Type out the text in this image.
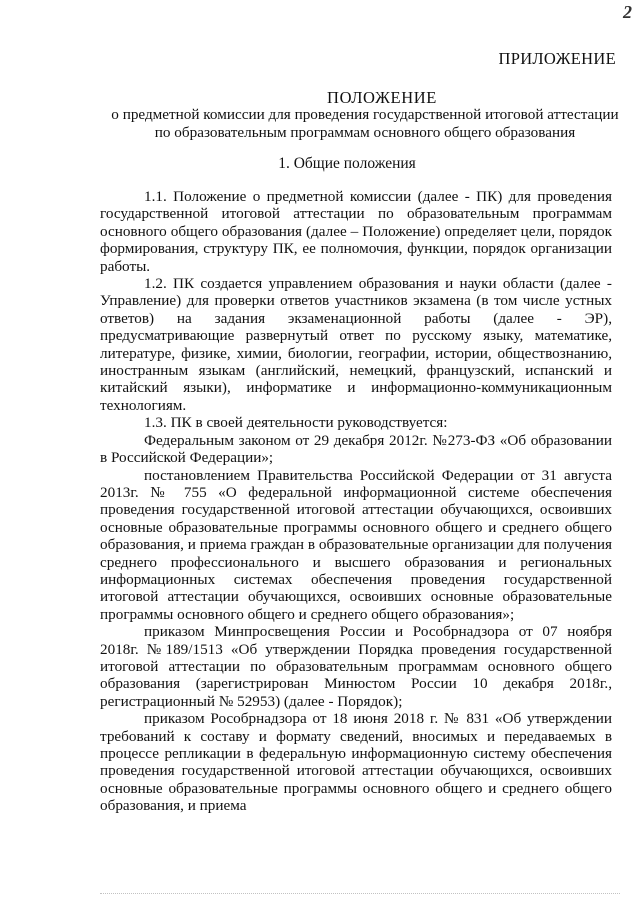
2
ПРИЛОЖЕНИЕ
ПОЛОЖЕНИЕ
о предметной комиссии для проведения государственной итоговой аттестации по образовательным программам основного общего образования
1. Общие положения

1.1. Положение о предметной комиссии (далее - ПК) для проведения государственной итоговой аттестации по образовательным программам основного общего образования (далее – Положение) определяет цели, порядок формирования, структуру ПК, ее полномочия, функции, порядок организации работы.

1.2. ПК создается управлением образования и науки области (далее - Управление) для проверки ответов участников экзамена (в том числе устных ответов) на задания экзаменационной работы (далее - ЭР), предусматривающие развернутый ответ по русскому языку, математике, литературе, физике, химии, биологии, географии, истории, обществознанию, иностранным языкам (английский, немецкий, французский, испанский и китайский языки), информатике и информационно-коммуникационным технологиям.

1.3. ПК в своей деятельности руководствуется:

Федеральным законом от 29 декабря 2012г. №273-ФЗ «Об образовании в Российской Федерации»;

постановлением Правительства Российской Федерации от 31 августа 2013г. № 755 «О федеральной информационной системе обеспечения проведения государственной итоговой аттестации обучающихся, освоивших основные образовательные программы основного общего и среднего общего образования, и приема граждан в образовательные организации для получения среднего профессионального и высшего образования и региональных информационных системах обеспечения проведения государственной итоговой аттестации обучающихся, освоивших основные образовательные программы основного общего и среднего общего образования»;

приказом Минпросвещения России и Рособрнадзора от 07 ноября 2018г. №189/1513 «Об утверждении Порядка проведения государственной итоговой аттестации по образовательным программам основного общего образования (зарегистрирован Минюстом России 10 декабря 2018г., регистрационный № 52953) (далее - Порядок);

приказом Рособрнадзора от 18 июня 2018 г. № 831 «Об утверждении требований к составу и формату сведений, вносимых и передаваемых в процессе репликации в федеральную информационную систему обеспечения проведения государственной итоговой аттестации обучающихся, освоивших основные образовательные программы основного общего и среднего общего образования, и приема
